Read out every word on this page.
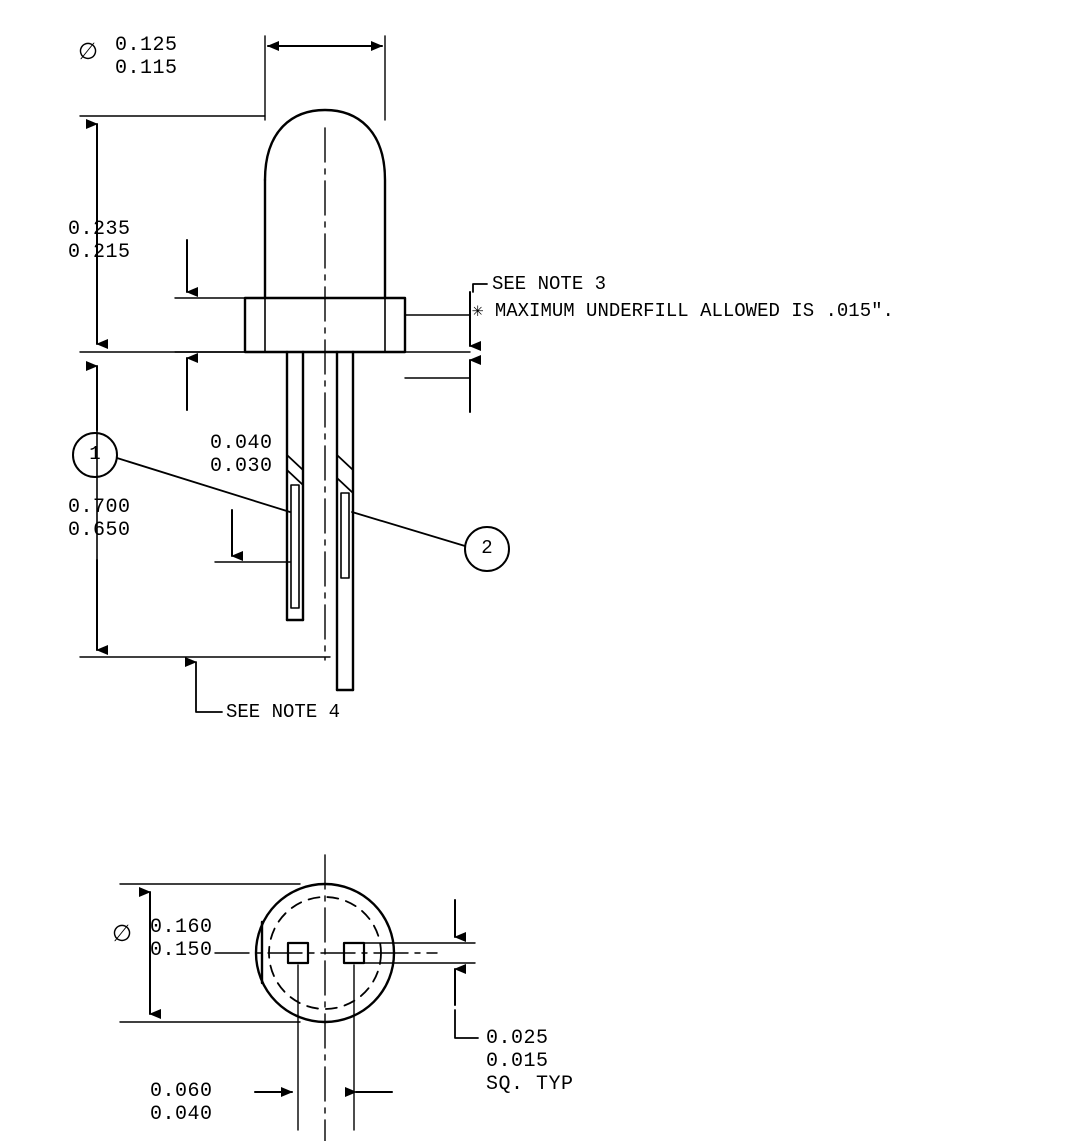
∅ 0.125
0.115
0.235
0.215
0.040
0.030
0.700
0.650
SEE NOTE 3
✳ MAXIMUM UNDERFILL ALLOWED IS .015″.
SEE NOTE 4
1
2
∅ 0.160
0.150
0.025
0.015
SQ. TYP
0.060
0.040
